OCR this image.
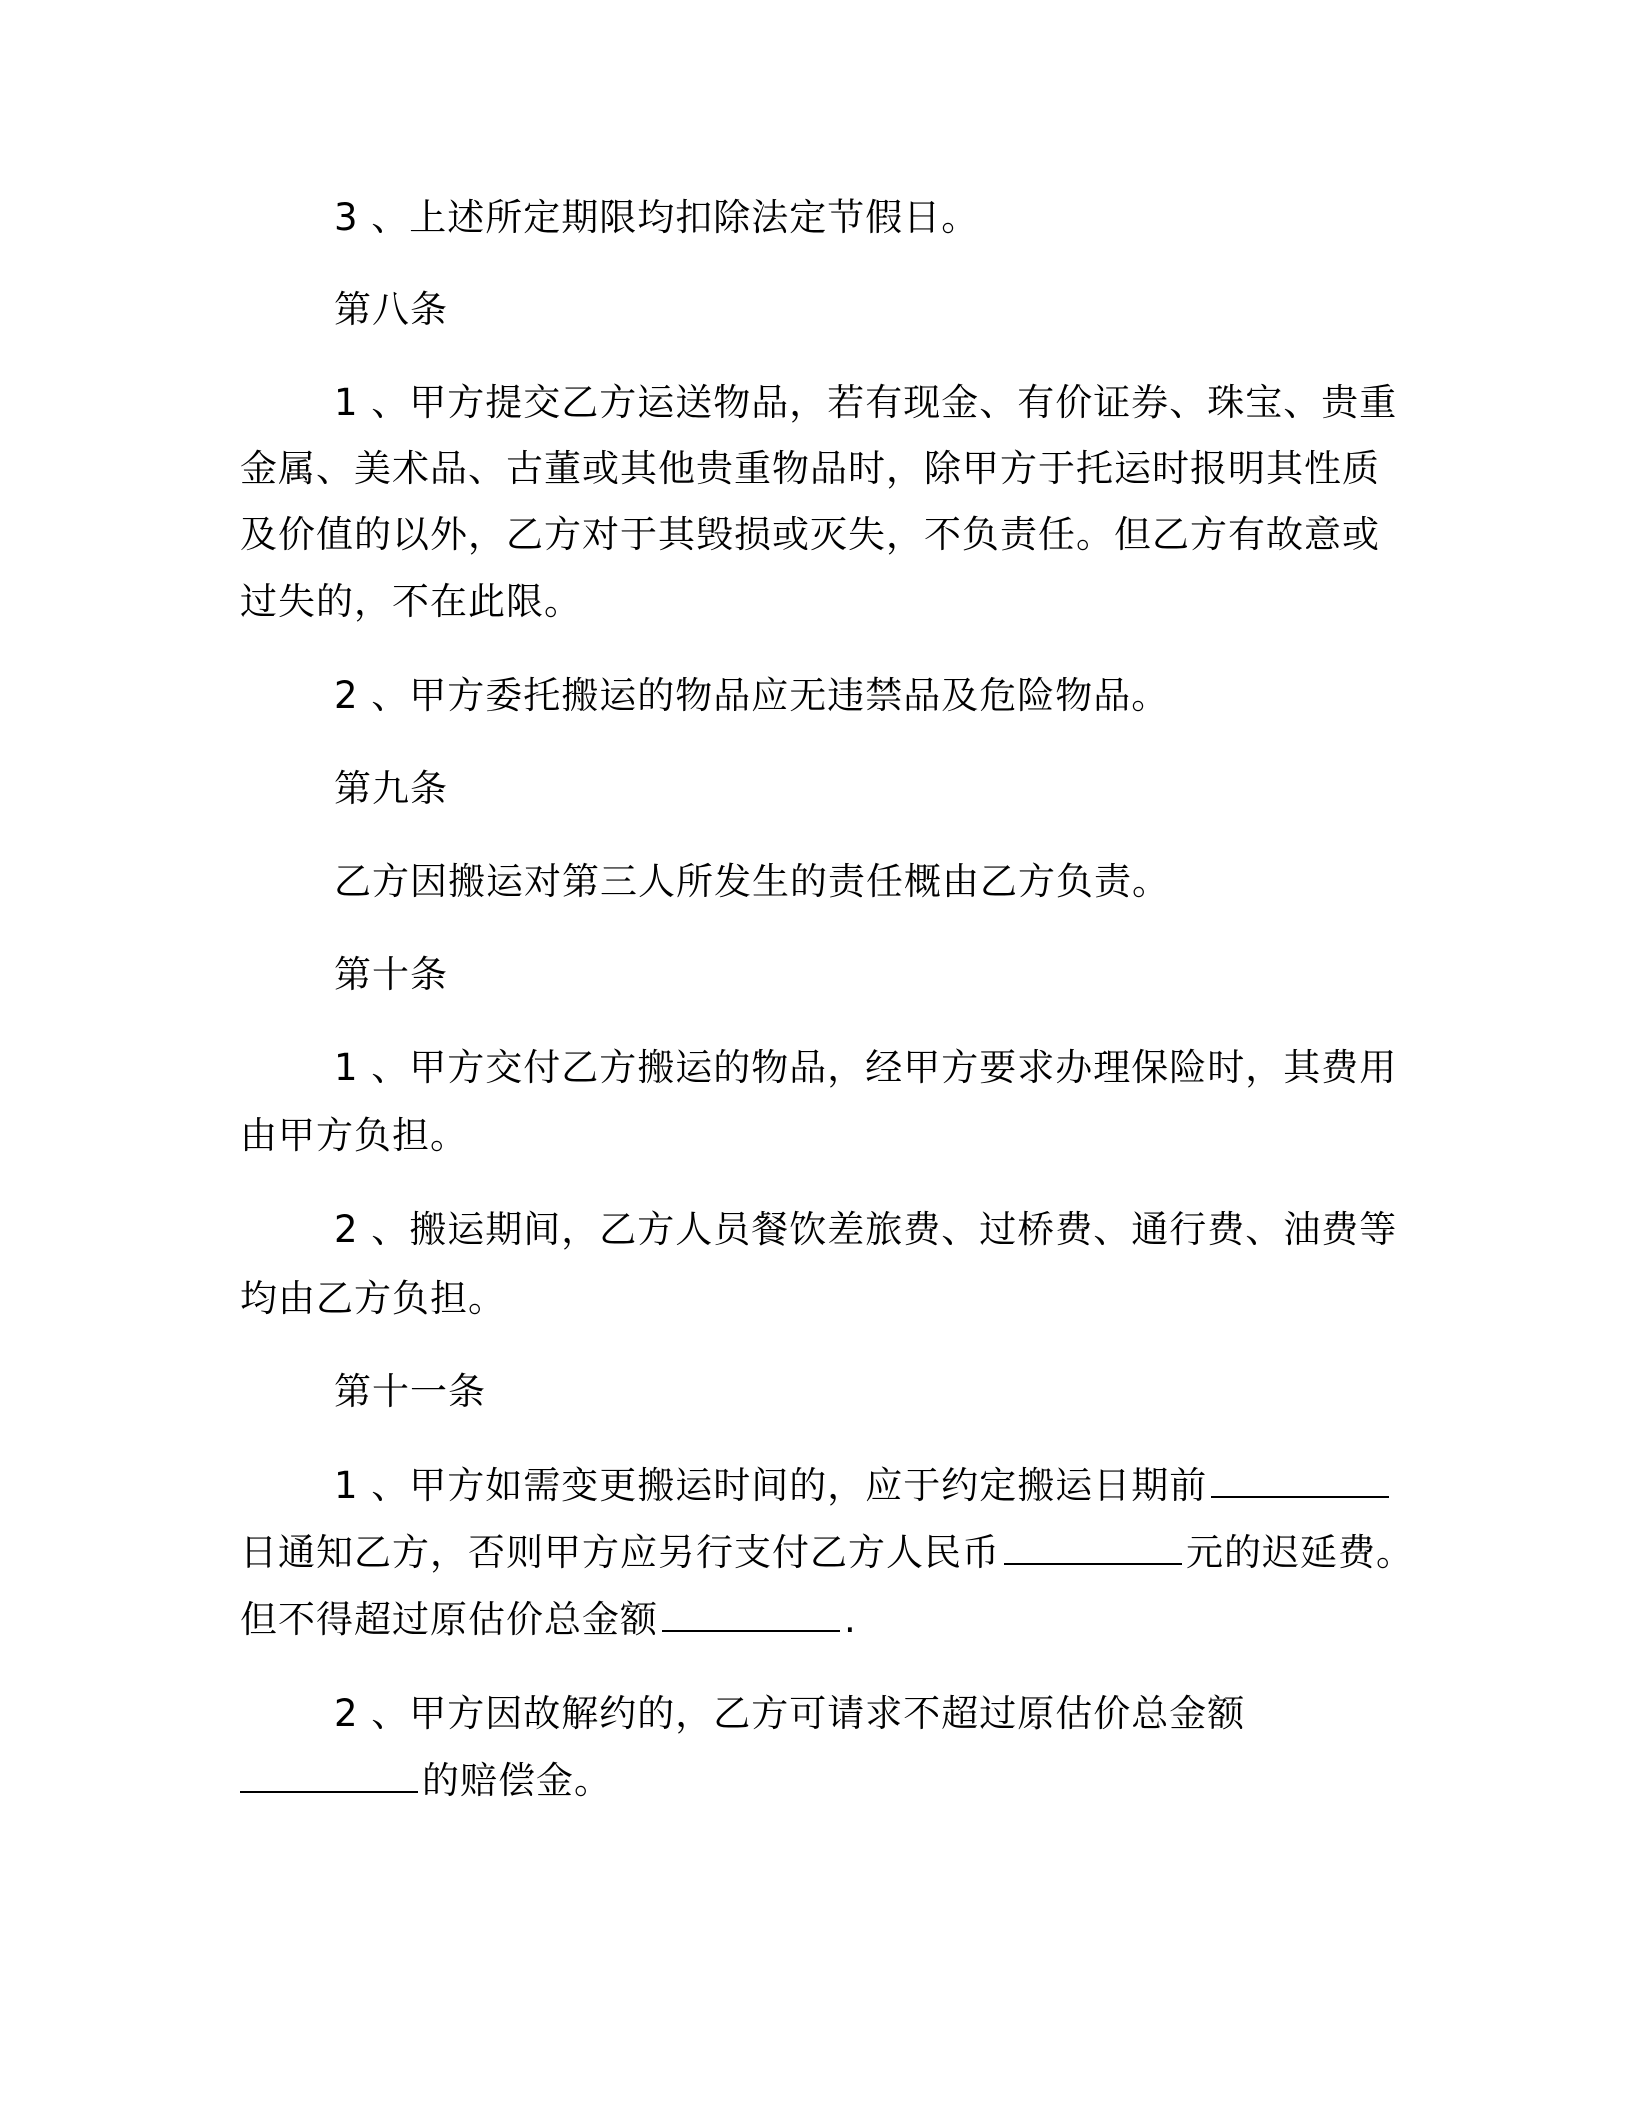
3 、上述所定期限均扣除法定节假日。
第八条
1 、甲方提交乙方运送物品，若有现金、有价证券、珠宝、贵重
金属、美术品、古董或其他贵重物品时，除甲方于托运时报明其性质
及价值的以外，乙方对于其毁损或灭失，不负责任。但乙方有故意或
过失的，不在此限。
2 、甲方委托搬运的物品应无违禁品及危险物品。
第九条
乙方因搬运对第三人所发生的责任概由乙方负责。
第十条
1 、甲方交付乙方搬运的物品，经甲方要求办理保险时，其费用
由甲方负担。
2 、搬运期间，乙方人员餐饮差旅费、过桥费、通行费、油费等
均由乙方负担。
第十一条
1 、甲方如需变更搬运时间的，应于约定搬运日期前
日通知乙方，否则甲方应另行支付乙方人民币	元的迟延费。
但不得超过原估价总金额	.
2 、甲方因故解约的，乙方可请求不超过原估价总金额
的赔偿金。
